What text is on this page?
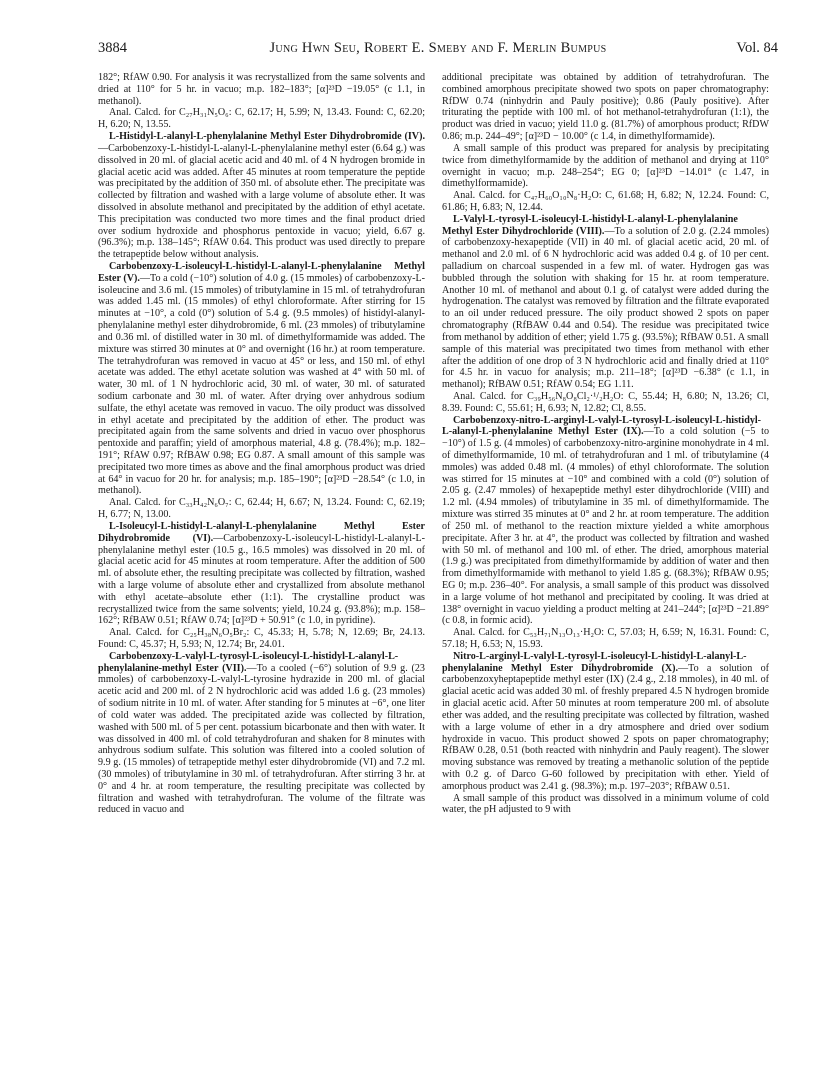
3884	Jung Hwn Seu, Robert E. Smeby and F. Merlin Bumpus	Vol. 84

182°; RfAW 0.90. For analysis it was recrystallized from the same solvents and dried at 110° for 5 hr. in vacuo; m.p. 182–183°; [α]²³D −19.05° (c 1.1, in methanol).

Anal. Calcd. for C₂₇H₃₁N₅O₆: C, 62.17; H, 5.99; N, 13.43. Found: C, 62.20; H, 6.20; N, 13.55.

L-Histidyl-L-alanyl-L-phenylalanine Methyl Ester Dihydrobromide (IV).—Carbobenzoxy-L-histidyl-L-alanyl-L-phenylalanine methyl ester (6.64 g.) was dissolved in 20 ml. of glacial acetic acid and 40 ml. of 4 N hydrogen bromide in glacial acetic acid was added. After 45 minutes at room temperature the peptide was precipitated by the addition of 350 ml. of absolute ether. The precipitate was collected by filtration and washed with a large volume of absolute ether. It was dissolved in absolute methanol and precipitated by the addition of ethyl acetate. This precipitation was conducted two more times and the final product dried over sodium hydroxide and phosphorus pentoxide in vacuo; yield, 6.67 g. (96.3%); m.p. 138–145°; RfAW 0.64. This product was used directly to prepare the tetrapeptide below without analysis.

Carbobenzoxy-L-isoleucyl-L-histidyl-L-alanyl-L-phenylalanine Methyl Ester (V).—To a cold (−10°) solution of 4.0 g. (15 mmoles) of carbobenzoxy-L-isoleucine and 3.6 ml. (15 mmoles) of tributylamine in 15 ml. of tetrahydrofuran was added 1.45 ml. (15 mmoles) of ethyl chloroformate. After stirring for 15 minutes at −10°, a cold (0°) solution of 5.4 g. (9.5 mmoles) of histidyl-alanyl-phenylalanine methyl ester dihydrobromide, 6 ml. (23 mmoles) of tributylamine and 0.36 ml. of distilled water in 30 ml. of dimethylformamide was added. The mixture was stirred 30 minutes at 0° and overnight (16 hr.) at room temperature. The tetrahydrofuran was removed in vacuo at 45° or less, and 150 ml. of ethyl acetate was added. The ethyl acetate solution was washed at 4° with 50 ml. of water, 30 ml. of 1 N hydrochloric acid, 30 ml. of water, 30 ml. of saturated sodium carbonate and 30 ml. of water. After drying over anhydrous sodium sulfate, the ethyl acetate was removed in vacuo. The oily product was dissolved in ethyl acetate and precipitated by the addition of ether. The product was precipitated again from the same solvents and dried in vacuo over phosphorus pentoxide and paraffin; yield of amorphous material, 4.8 g. (78.4%); m.p. 182–191°; RfAW 0.97; RfBAW 0.98; EG 0.87. A small amount of this sample was precipitated two more times as above and the final amorphous product was dried at 64° in vacuo for 20 hr. for analysis; m.p. 185–190°; [α]²³D −28.54° (c 1.0, in methanol).

Anal. Calcd. for C₃₃H₄₂N₆O₇: C, 62.44; H, 6.67; N, 13.24. Found: C, 62.19; H, 6.77; N, 13.00.

L-Isoleucyl-L-histidyl-L-alanyl-L-phenylalanine Methyl Ester Dihydrobromide (VI).—Carbobenzoxy-L-isoleucyl-L-histidyl-L-alanyl-L-phenylalanine methyl ester (10.5 g., 16.5 mmoles) was dissolved in 20 ml. of glacial acetic acid for 45 minutes at room temperature. After the addition of 500 ml. of absolute ether, the resulting precipitate was collected by filtration, washed with a large volume of absolute ether and crystallized from absolute methanol with ethyl acetate–absolute ether (1:1). The crystalline product was recrystallized twice from the same solvents; yield, 10.24 g. (93.8%); m.p. 158–162°; RfBAW 0.51; RfAW 0.74; [α]²³D + 50.91° (c 1.0, in pyridine).

Anal. Calcd. for C₂₅H₃₈N₆O₅Br₂: C, 45.33; H, 5.78; N, 12.69; Br, 24.13. Found: C, 45.37; H, 5.93; N, 12.74; Br, 24.01.

Carbobenzoxy-L-valyl-L-tyrosyl-L-isoleucyl-L-histidyl-L-alanyl-L-phenylalanine-methyl Ester (VII).—To a cooled (−6°) solution of 9.9 g. (23 mmoles) of carbobenzoxy-L-valyl-L-tyrosine hydrazide in 200 ml. of glacial acetic acid and 200 ml. of 2 N hydrochloric acid was added 1.6 g. (23 mmoles) of sodium nitrite in 10 ml. of water. After standing for 5 minutes at −6°, one liter of cold water was added. The precipitated azide was collected by filtration, washed with 500 ml. of 5 per cent. potassium bicarbonate and then with water. It was dissolved in 400 ml. of cold tetrahydrofuran and shaken for 8 minutes with anhydrous sodium sulfate. This solution was filtered into a cooled solution of 9.9 g. (15 mmoles) of tetrapeptide methyl ester dihydrobromide (VI) and 7.2 ml. (30 mmoles) of tributylamine in 30 ml. of tetrahydrofuran. After stirring 3 hr. at 0° and 4 hr. at room temperature, the resulting precipitate was collected by filtration and washed with tetrahydrofuran. The volume of the filtrate was reduced in vacuo and

additional precipitate was obtained by addition of tetrahydrofuran. The combined amorphous precipitate showed two spots on paper chromatography: RfDW 0.74 (ninhydrin and Pauly positive); 0.86 (Pauly positive). After triturating the peptide with 100 ml. of hot methanol-tetrahydrofuran (1:1), the product was dried in vacuo; yield 11.0 g. (81.7%) of amorphous product; RfDW 0.86; m.p. 244–49°; [α]²³D − 10.00° (c 1.4, in dimethylformamide).

A small sample of this product was prepared for analysis by precipitating twice from dimethylformamide by the addition of methanol and drying at 110° overnight in vacuo; m.p. 248–254°; EG 0; [α]²³D −14.01° (c 1.47, in dimethylformamide).

Anal. Calcd. for C₄₇H₆₀O₁₀N₈·H₂O: C, 61.68; H, 6.82; N, 12.24. Found: C, 61.86; H, 6.83; N, 12.44.

L-Valyl-L-tyrosyl-L-isoleucyl-L-histidyl-L-alanyl-L-phenylalanine Methyl Ester Dihydrochloride (VIII).—To a solution of 2.0 g. (2.24 mmoles) of carbobenzoxy-hexapeptide (VII) in 40 ml. of glacial acetic acid, 20 ml. of methanol and 2.0 ml. of 6 N hydrochloric acid was added 0.4 g. of 10 per cent. palladium on charcoal suspended in a few ml. of water. Hydrogen gas was bubbled through the solution with shaking for 15 hr. at room temperature. Another 10 ml. of methanol and about 0.1 g. of catalyst were added during the hydrogenation. The catalyst was removed by filtration and the filtrate evaporated to an oil under reduced pressure. The oily product showed 2 spots on paper chromatography (RfBAW 0.44 and 0.54). The residue was precipitated twice from methanol by addition of ether; yield 1.75 g. (93.5%); RfBAW 0.51. A small sample of this material was precipitated two times from methanol with ether after the addition of one drop of 3 N hydrochloric acid and finally dried at 110° for 4.5 hr. in vacuo for analysis; m.p. 211–18°; [α]²³D −6.38° (c 1.1, in methanol); RfBAW 0.51; RfAW 0.54; EG 1.11.

Anal. Calcd. for C₃₉H₅₆N₈O₈Cl₂·¹/₂H₂O: C, 55.44; H, 6.80; N, 13.26; Cl, 8.39. Found: C, 55.61; H, 6.93; N, 12.82; Cl, 8.55.

Carbobenzoxy-nitro-L-arginyl-L-valyl-L-tyrosyl-L-isoleucyl-L-histidyl-L-alanyl-L-phenylalanine Methyl Ester (IX).—To a cold solution (−5 to −10°) of 1.5 g. (4 mmoles) of carbobenzoxy-nitro-arginine monohydrate in 4 ml. of dimethylformamide, 10 ml. of tetrahydrofuran and 1 ml. of tributylamine (4 mmoles) was added 0.48 ml. (4 mmoles) of ethyl chloroformate. The solution was stirred for 15 minutes at −10° and combined with a cold (0°) solution of 2.05 g. (2.47 mmoles) of hexapeptide methyl ester dihydrochloride (VIII) and 1.2 ml. (4.94 mmoles) of tributylamine in 35 ml. of dimethylformamide. The mixture was stirred 35 minutes at 0° and 2 hr. at room temperature. The addition of 250 ml. of methanol to the reaction mixture yielded a white amorphous precipitate. After 3 hr. at 4°, the product was collected by filtration and washed with 50 ml. of methanol and 100 ml. of ether. The dried, amorphous material (1.9 g.) was precipitated from dimethylformamide by addition of water and then from dimethylformamide with methanol to yield 1.85 g. (68.3%); RfBAW 0.95; EG 0; m.p. 236–40°. For analysis, a small sample of this product was dissolved in a large volume of hot methanol and precipitated by cooling. It was dried at 138° overnight in vacuo yielding a product melting at 241–244°; [α]²³D −21.89° (c 0.8, in formic acid).

Anal. Calcd. for C₅₃H₇₁N₁₃O₁₃·H₂O: C, 57.03; H, 6.59; N, 16.31. Found: C, 57.18; H, 6.53; N, 15.93.

Nitro-L-arginyl-L-valyl-L-tyrosyl-L-isoleucyl-L-histidyl-L-alanyl-L-phenylalanine Methyl Ester Dihydrobromide (X).—To a solution of carbobenzoxyheptapeptide methyl ester (IX) (2.4 g., 2.18 mmoles), in 40 ml. of glacial acetic acid was added 30 ml. of freshly prepared 4.5 N hydrogen bromide in glacial acetic acid. After 50 minutes at room temperature 200 ml. of absolute ether was added, and the resulting precipitate was collected by filtration, washed with a large volume of ether in a dry atmosphere and dried over sodium hydroxide in vacuo. This product showed 2 spots on paper chromatography; RfBAW 0.28, 0.51 (both reacted with ninhydrin and Pauly reagent). The slower moving substance was removed by treating a methanolic solution of the peptide with 0.2 g. of Darco G-60 followed by precipitation with ether. Yield of amorphous product was 2.41 g. (98.3%); m.p. 197–203°; RfBAW 0.51.

A small sample of this product was dissolved in a minimum volume of cold water, the pH adjusted to 9 with
